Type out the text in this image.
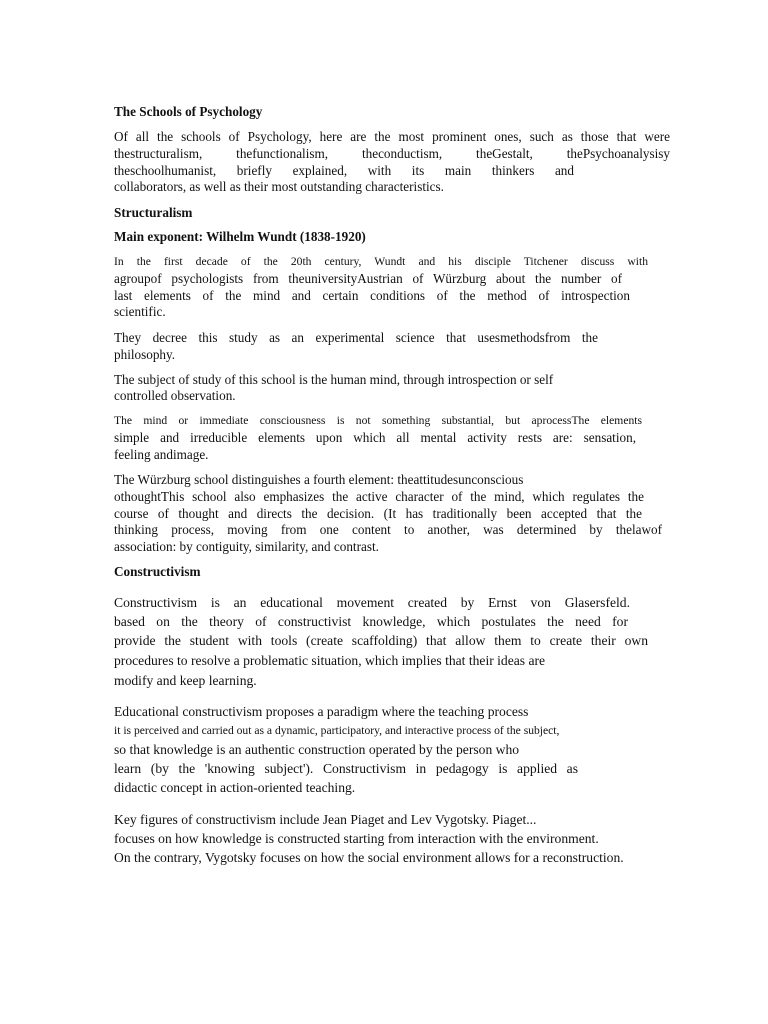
The Schools of Psychology
Of all the schools of Psychology, here are the most prominent ones, such as those that were
thestructuralism, thefunctionalism, theconductism, theGestalt, thePsychoanalysisy
theschoolhumanist, briefly explained, with its main thinkers and
collaborators, as well as their most outstanding characteristics.
Structuralism
Main exponent: Wilhelm Wundt (1838-1920)
In the first decade of the 20th century, Wundt and his disciple Titchener discuss with
agroupof psychologists from theuniversityAustrian of Würzburg about the number of
last elements of the mind and certain conditions of the method of introspection
scientific.
They decree this study as an experimental science that usesmethodsfrom the
philosophy.
The subject of study of this school is the human mind, through introspection or self
controlled observation.
The mind or immediate consciousness is not something substantial, but aprocessThe elements
simple and irreducible elements upon which all mental activity rests are: sensation,
feeling andimage.
The Würzburg school distinguishes a fourth element: theattitudesunconscious
othoughtThis school also emphasizes the active character of the mind, which regulates the
course of thought and directs the decision. (It has traditionally been accepted that the
thinking process, moving from one content to another, was determined by thelawof
association: by contiguity, similarity, and contrast.
Constructivism
Constructivism is an educational movement created by Ernst von Glasersfeld.
based on the theory of constructivist knowledge, which postulates the need for
provide the student with tools (create scaffolding) that allow them to create their own
procedures to resolve a problematic situation, which implies that their ideas are
modify and keep learning.
Educational constructivism proposes a paradigm where the teaching process
it is perceived and carried out as a dynamic, participatory, and interactive process of the subject,
so that knowledge is an authentic construction operated by the person who
learn (by the 'knowing subject'). Constructivism in pedagogy is applied as
didactic concept in action-oriented teaching.
Key figures of constructivism include Jean Piaget and Lev Vygotsky. Piaget...
focuses on how knowledge is constructed starting from interaction with the environment.
On the contrary, Vygotsky focuses on how the social environment allows for a reconstruction.
